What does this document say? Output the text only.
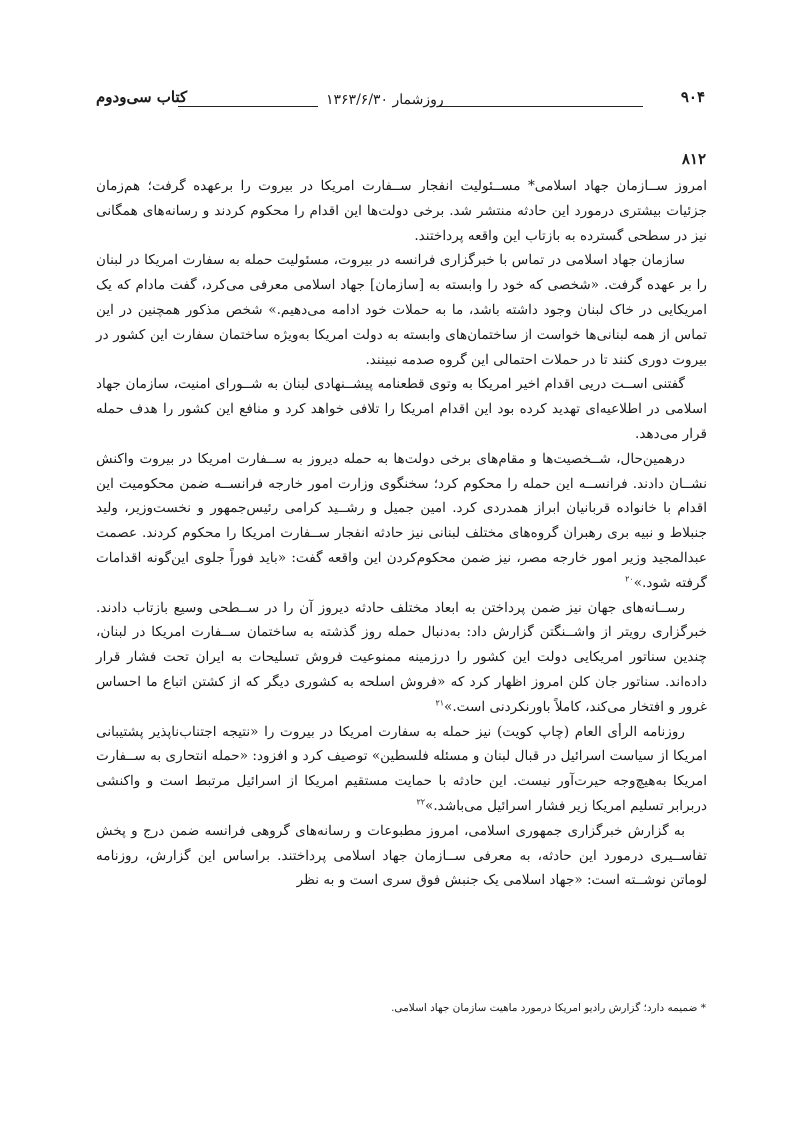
۹۰۴
روزشمار ۱۳۶۳/۶/۳۰
کتاب سی‌ودوم
۸۱۲

امروز ســازمان جهاد اسلامی* مســئولیت انفجار ســفارت امریکا در بیروت را برعهده گرفت؛ هم‌زمان جزئیات بیشتری درمورد این حادثه منتشر شد. برخی دولت‌ها این اقدام را محکوم کردند و رسانه‌های همگانی نیز در سطحی گسترده به بازتاب این واقعه پرداختند.

سازمان جهاد اسلامی در تماس با خبرگزاری فرانسه در بیروت، مسئولیت حمله به سفارت امریکا در لبنان را بر عهده گرفت. «شخصی که خود را وابسته به [سازمان] جهاد اسلامی معرفی می‌کرد، گفت مادام که یک امریکایی در خاک لبنان وجود داشته باشد، ما به حملات خود ادامه می‌دهیم.» شخص مذکور همچنین در این تماس از همه لبنانی‌ها خواست از ساختمان‌های وابسته به دولت امریکا به‌ویژه ساختمان سفارت این کشور در بیروت دوری کنند تا در حملات احتمالی این گروه صدمه نبینند.

گفتنی اســت دریی اقدام اخیر امریکا به وتوی قطعنامه پیشــنهادی لبنان به شــورای امنیت، سازمان جهاد اسلامی در اطلاعیه‌ای تهدید کرده بود این اقدام امریکا را تلافی خواهد کرد و منافع این کشور را هدف حمله قرار می‌دهد.

درهمین‌حال، شــخصیت‌ها و مقام‌های برخی دولت‌ها به حمله دیروز به ســفارت امریکا در بیروت واکنش نشــان دادند. فرانســه این حمله را محکوم کرد؛ سخنگوی وزارت امور خارجه فرانســه ضمن محکومیت این اقدام با خانواده قربانیان ابراز همدردی کرد. امین جمیل و رشــید کرامی رئیس‌جمهور و نخست‌وزیر، ولید جنبلاط و نبیه بری رهبران گروه‌های مختلف لبنانی نیز حادثه انفجار ســفارت امریکا را محکوم کردند. عصمت عبدالمجید وزیر امور خارجه مصر، نیز ضمن محکوم‌کردن این واقعه گفت: «باید فوراً جلوی این‌گونه اقدامات گرفته شود.»$^{۲۰}$

رســانه‌های جهان نیز ضمن پرداختن به ابعاد مختلف حادثه دیروز آن را در ســطحی وسیع بازتاب دادند. خبرگزاری رویتر از واشــنگتن گزارش داد: به‌دنبال حمله روز گذشته به ساختمان ســفارت امریکا در لبنان، چندین سناتور امریکایی دولت این کشور را درزمینه ممنوعیت فروش تسلیحات به ایران تحت فشار قرار داده‌اند. سناتور جان کلن امروز اظهار کرد که «فروش اسلحه به کشوری دیگر که از کشتن اتباع ما احساس غرور و افتخار می‌کند، کاملاً باورنکردنی است.»$^{۲۱}$

روزنامه الرأی العام (چاپ کویت) نیز حمله به سفارت امریکا در بیروت را «نتیجه اجتناب‌ناپذیر پشتیبانی امریکا از سیاست اسرائیل در قبال لبنان و مسئله فلسطین» توصیف کرد و افزود: «حمله انتحاری به ســفارت امریکا به‌هیچ‌وجه حیرت‌آور نیست. این حادثه با حمایت مستقیم امریکا از اسرائیل مرتبط است و واکنشی دربرابر تسلیم امریکا زیر فشار اسرائیل می‌باشد.»$^{۲۲}$

به گزارش خبرگزاری جمهوری اسلامی، امروز مطبوعات و رسانه‌های گروهی فرانسه ضمن درج و پخش تفاســیری درمورد این حادثه، به معرفی ســازمان جهاد اسلامی پرداختند. براساس این گزارش، روزنامه لوماتن نوشــته است: «جهاد اسلامی یک جنبش فوق سری است و به نظر

* ضمیمه دارد؛ گزارش رادیو امریکا درمورد ماهیت سازمان جهاد اسلامی.
